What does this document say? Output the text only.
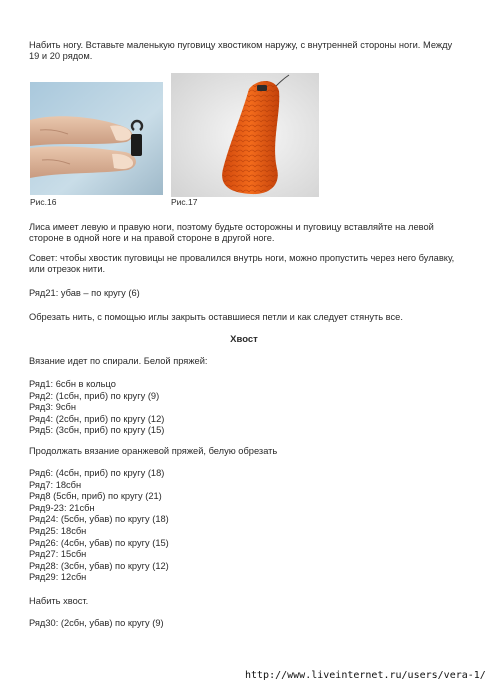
Набить ногу. Вставьте маленькую пуговицу хвостиком наружу, с внутренней стороны ноги. Между 19 и 20 рядом.

Рис.16	Рис.17

Лиса имеет левую и правую ноги, поэтому будьте осторожны и пуговицу вставляйте на левой стороне в одной ноге и на правой стороне в другой ноге.

Совет: чтобы хвостик пуговицы не провалился внутрь ноги, можно пропустить через него булавку, или отрезок нити.

Ряд21: убав – по кругу (6)

Обрезать нить, с помощью иглы закрыть оставшиеся петли и как следует стянуть все.

Хвост

Вязание идет по спирали. Белой пряжей:

Ряд1: 6сбн в кольцо
Ряд2: (1сбн, приб) по кругу (9)
Ряд3: 9сбн
Ряд4: (2сбн, приб) по кругу (12)
Ряд5: (3сбн, приб) по кругу (15)

Продолжать вязание оранжевой пряжей, белую обрезать

Ряд6: (4сбн, приб) по кругу (18)
Ряд7: 18сбн
Ряд8 (5сбн, приб) по кругу (21)
Ряд9-23: 21сбн
Ряд24: (5сбн, убав) по кругу (18)
Ряд25: 18сбн
Ряд26: (4сбн, убав) по кругу (15)
Ряд27: 15сбн
Ряд28: (3сбн, убав) по кругу (12)
Ряд29: 12сбн

Набить хвост.

Ряд30: (2сбн, убав) по кругу (9)

http://www.liveinternet.ru/users/vera-1/
